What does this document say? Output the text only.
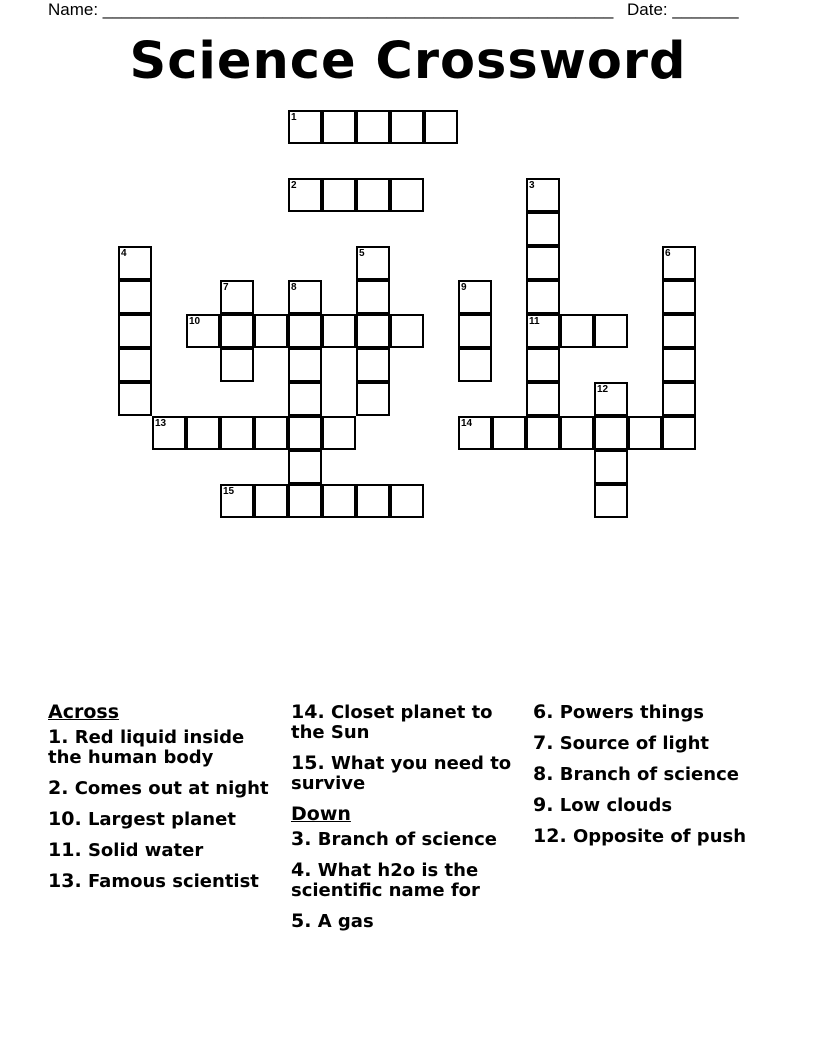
Name: ______________________________________________________ Date: _______
Science Crossword
1
2	3
4	5	6
7	8	9
10	11
12
13	14
15
Across
1. Red liquid inside the human body
2. Comes out at night
10. Largest planet
11. Solid water
13. Famous scientist
14. Closet planet to the Sun
15. What you need to survive
Down
3. Branch of science
4. What h2o is the scientific name for
5. A gas
6. Powers things
7. Source of light
8. Branch of science
9. Low clouds
12. Opposite of push
